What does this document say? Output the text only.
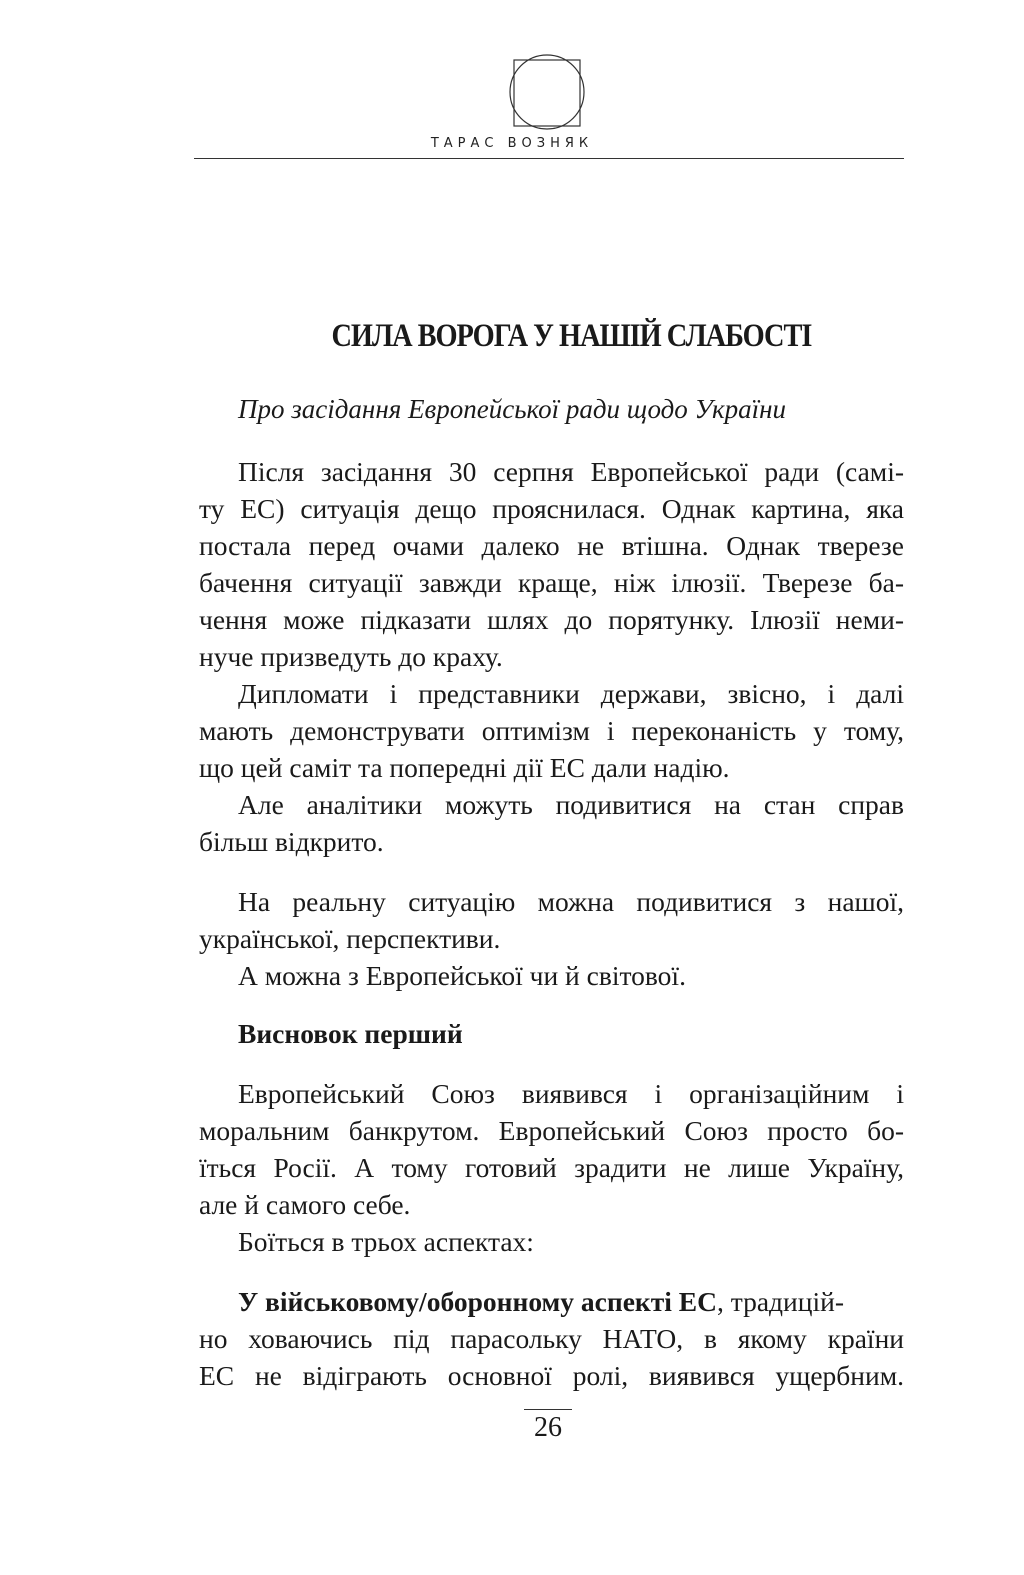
ТАРАС ВОЗНЯК
СИЛА ВОРОГА У НАШІЙ СЛАБОСТІ
Про засідання Европейської ради щодо України
Після засідання 30 серпня Европейської ради (самі-
ту ЕС) ситуація дещо прояснилася. Однак картина, яка
постала перед очами далеко не втішна. Однак тверезе
бачення ситуації завжди краще, ніж ілюзії. Тверезе ба-
чення може підказати шлях до порятунку. Ілюзії неми-
нуче призведуть до краху.
Дипломати і представники держави, звісно, і далі
мають демонструвати оптимізм і переконаність у тому,
що цей саміт та попередні дії ЕС дали надію.
Але аналітики можуть подивитися на стан справ
більш відкрито.
На реальну ситуацію можна подивитися з нашої,
української, перспективи.
А можна з Европейської чи й світової.
Висновок перший
Европейський Союз виявився і організаційним і
моральним банкрутом. Европейський Союз просто бо-
їться Росії. А тому готовий зрадити не лише Україну,
але й самого себе.
Боїться в трьох аспектах:
У військовому/оборонному аспекті ЕС, традицій-
но ховаючись під парасольку НАТО, в якому країни
ЕС не відіграють основної ролі, виявився ущербним.
26
